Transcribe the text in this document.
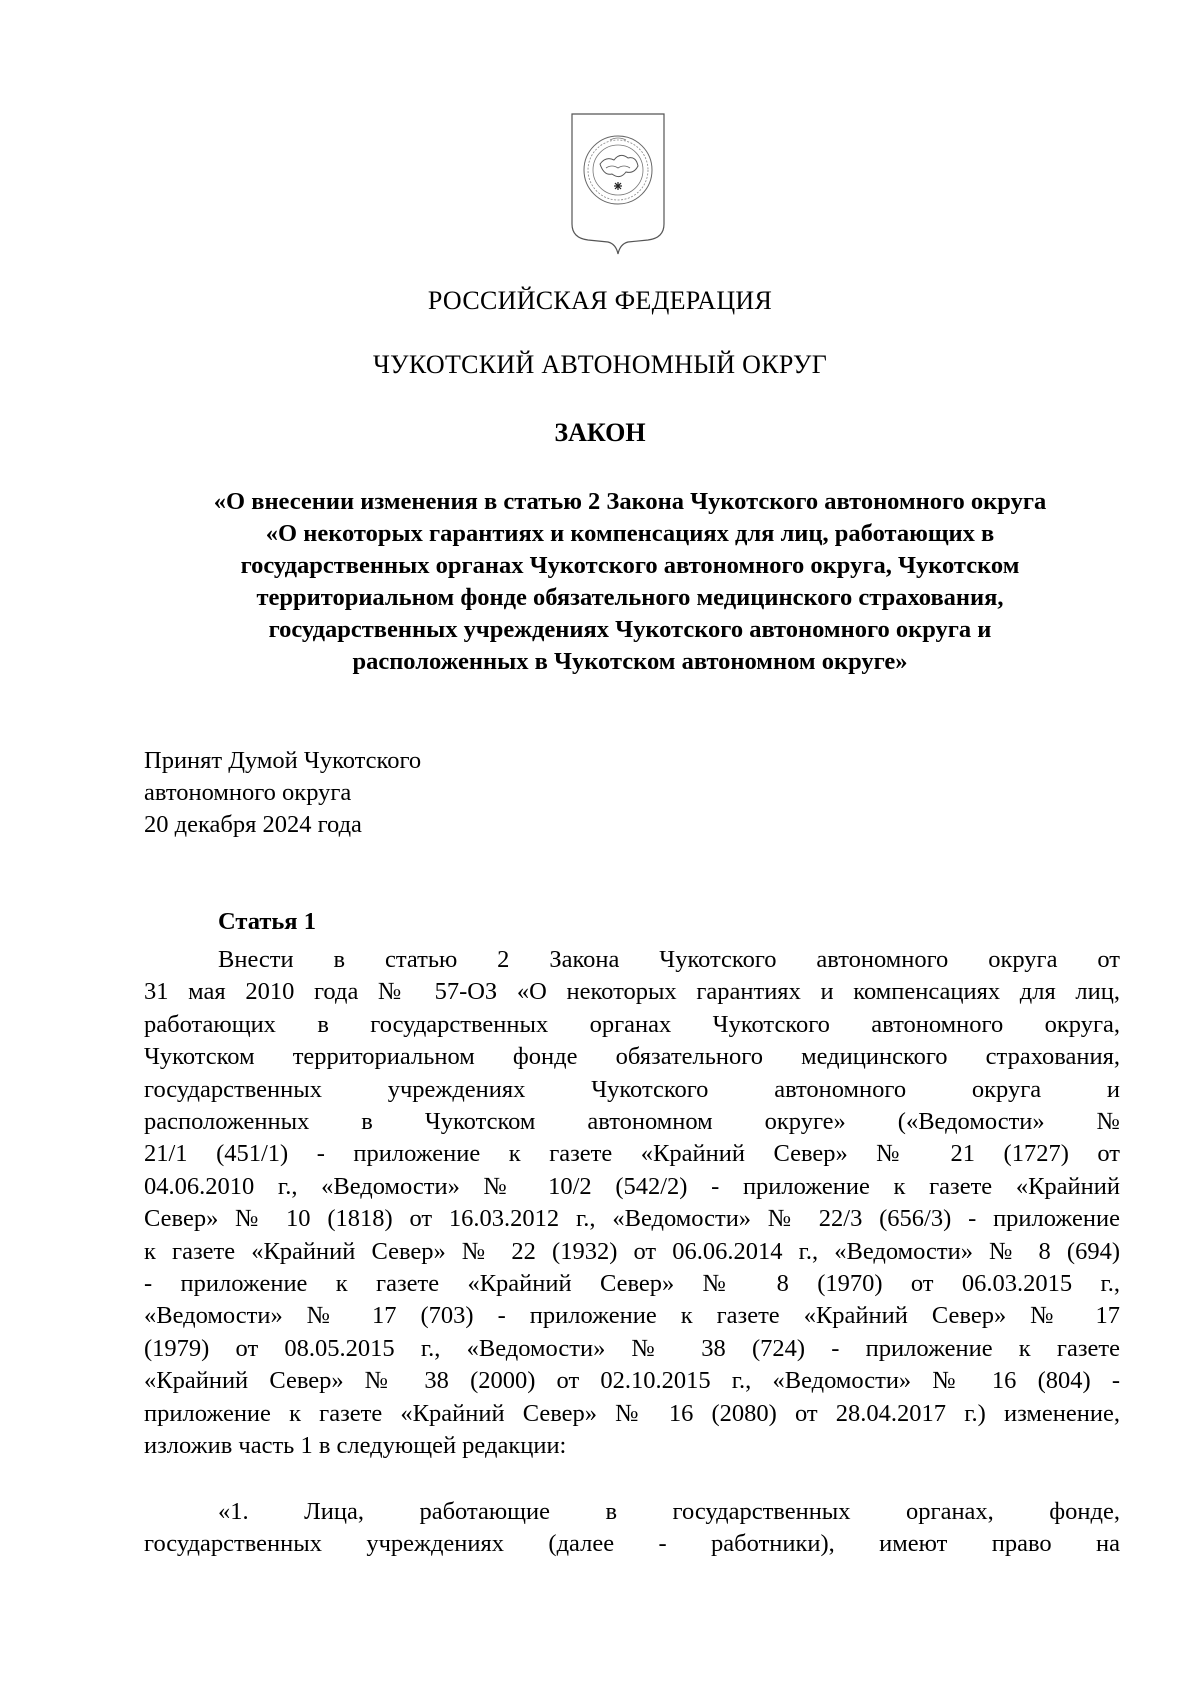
РОССИЙСКАЯ ФЕДЕРАЦИЯ
ЧУКОТСКИЙ АВТОНОМНЫЙ ОКРУГ
ЗАКОН
«О внесении изменения в статью 2 Закона Чукотского автономного округа
«О некоторых гарантиях и компенсациях для лиц, работающих в
государственных органах Чукотского автономного округа, Чукотском
территориальном фонде обязательного медицинского страхования,
государственных учреждениях Чукотского автономного округа и
расположенных в Чукотском автономном округе»
Принят Думой Чукотского
автономного округа
20 декабря 2024 года
Статья 1
Внести в статью 2 Закона Чукотского автономного округа от
31 мая 2010 года № 57-ОЗ «О некоторых гарантиях и компенсациях для лиц,
работающих в государственных органах Чукотского автономного округа,
Чукотском территориальном фонде обязательного медицинского страхования,
государственных учреждениях Чукотского автономного округа и
расположенных в Чукотском автономном округе» («Ведомости» №
21/1 (451/1) - приложение к газете «Крайний Север» № 21 (1727) от
04.06.2010 г., «Ведомости» № 10/2 (542/2) - приложение к газете «Крайний
Север» № 10 (1818) от 16.03.2012 г., «Ведомости» № 22/3 (656/3) - приложение
к газете «Крайний Север» № 22 (1932) от 06.06.2014 г., «Ведомости» № 8 (694)
- приложение к газете «Крайний Север» № 8 (1970) от 06.03.2015 г.,
«Ведомости» № 17 (703) - приложение к газете «Крайний Север» № 17
(1979) от 08.05.2015 г., «Ведомости» № 38 (724) - приложение к газете
«Крайний Север» № 38 (2000) от 02.10.2015 г., «Ведомости» № 16 (804) -
приложение к газете «Крайний Север» № 16 (2080) от 28.04.2017 г.) изменение,
изложив часть 1 в следующей редакции:
«1. Лица, работающие в государственных органах, фонде,
государственных учреждениях (далее - работники), имеют право на
